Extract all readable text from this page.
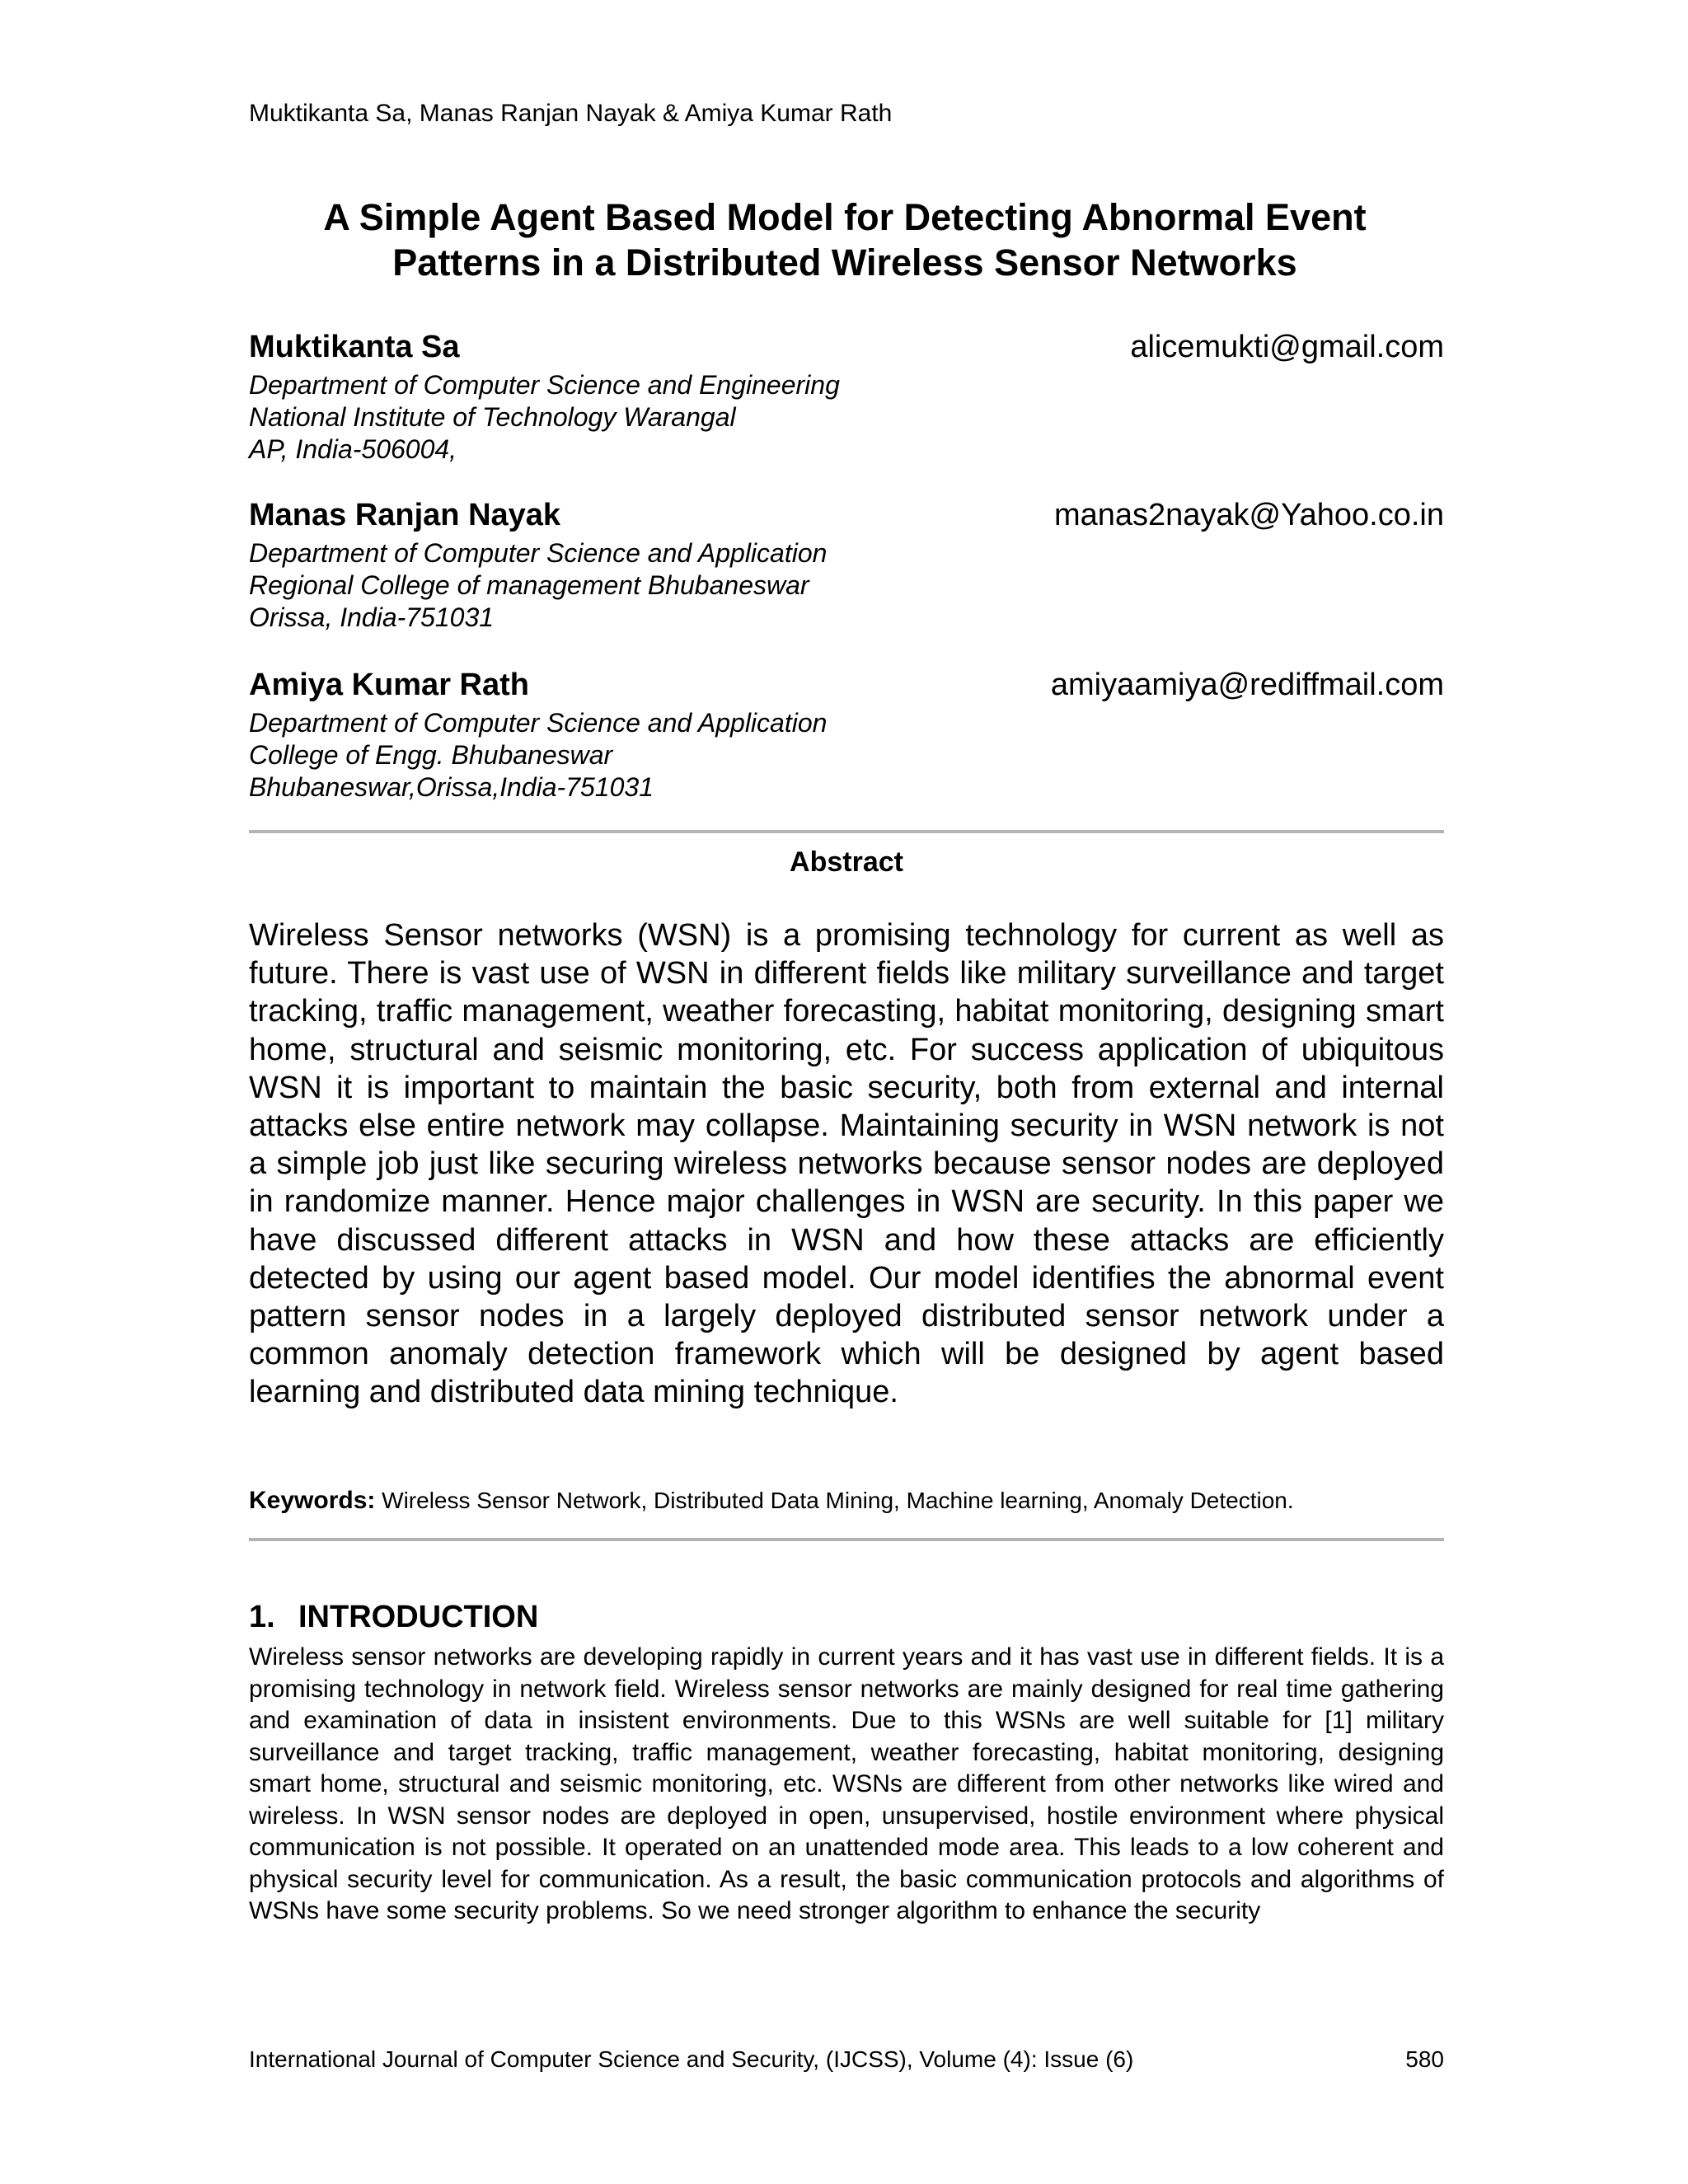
Muktikanta Sa, Manas Ranjan Nayak & Amiya Kumar Rath
A Simple Agent Based Model for Detecting Abnormal Event
Patterns in a Distributed Wireless Sensor Networks
Muktikanta Sa	alicemukti@gmail.com
Department of Computer Science and Engineering
National Institute of Technology Warangal
AP, India-506004,
Manas Ranjan Nayak	manas2nayak@Yahoo.co.in
Department of Computer Science and Application
Regional College of management Bhubaneswar
Orissa, India-751031
Amiya Kumar Rath	amiyaamiya@rediffmail.com
Department of Computer Science and Application
College of Engg. Bhubaneswar
Bhubaneswar,Orissa,India-751031
Abstract
Wireless Sensor networks (WSN) is a promising technology for current as well as future. There is vast use of WSN in different fields like military surveillance and target tracking, traffic management, weather forecasting, habitat monitoring, designing smart home, structural and seismic monitoring, etc. For success application of ubiquitous WSN it is important to maintain the basic security, both from external and internal attacks else entire network may collapse. Maintaining security in WSN network is not a simple job just like securing wireless networks because sensor nodes are deployed in randomize manner. Hence major challenges in WSN are security. In this paper we have discussed different attacks in WSN and how these attacks are efficiently detected by using our agent based model. Our model identifies the abnormal event pattern sensor nodes in a largely deployed distributed sensor network under a common anomaly detection framework which will be designed by agent based learning and distributed data mining technique.
Keywords: Wireless Sensor Network, Distributed Data Mining, Machine learning, Anomaly Detection.
1. INTRODUCTION
Wireless sensor networks are developing rapidly in current years and it has vast use in different fields. It is a promising technology in network field. Wireless sensor networks are mainly designed for real time gathering and examination of data in insistent environments. Due to this WSNs are well suitable for [1] military surveillance and target tracking, traffic management, weather forecasting, habitat monitoring, designing smart home, structural and seismic monitoring, etc. WSNs are different from other networks like wired and wireless. In WSN sensor nodes are deployed in open, unsupervised, hostile environment where physical communication is not possible. It operated on an unattended mode area. This leads to a low coherent and physical security level for communication. As a result, the basic communication protocols and algorithms of WSNs have some security problems. So we need stronger algorithm to enhance the security
International Journal of Computer Science and Security, (IJCSS), Volume (4): Issue (6)	580
